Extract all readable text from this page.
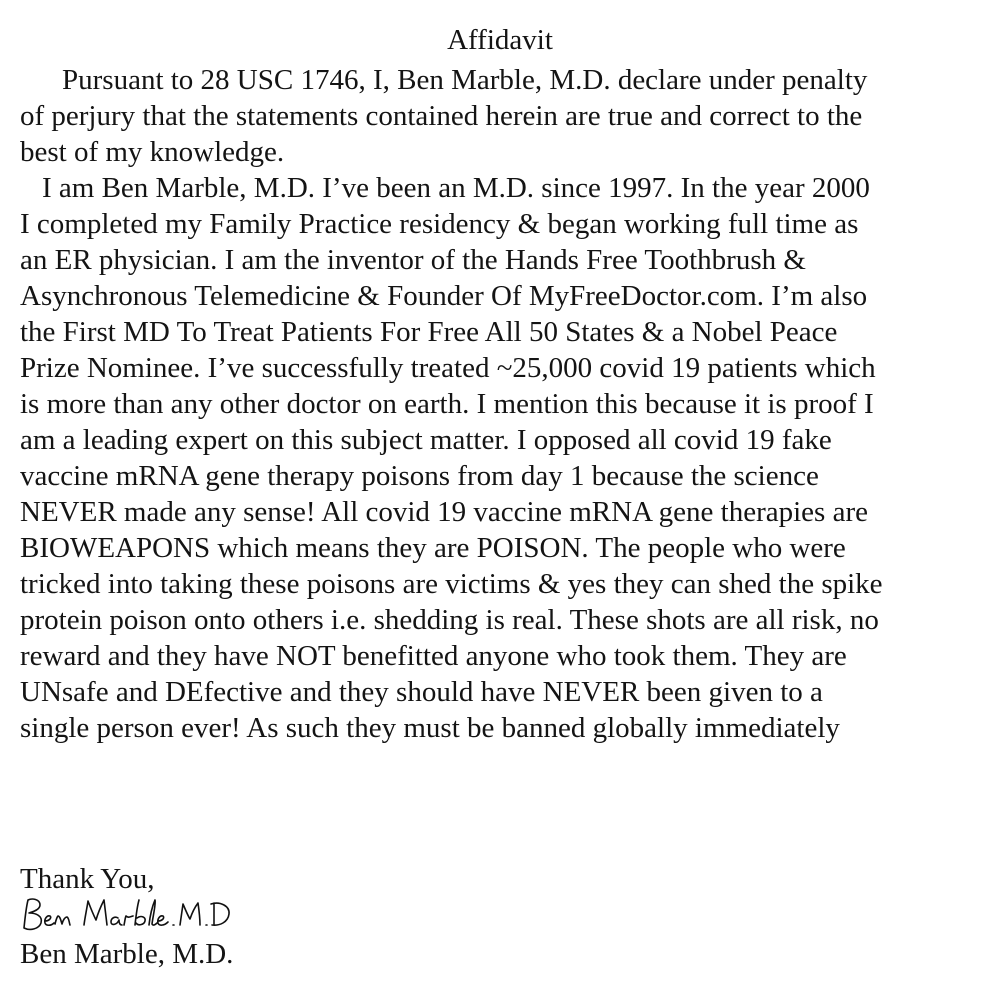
Affidavit

Pursuant to 28 USC 1746, I, Ben Marble, M.D. declare under penalty
of perjury that the statements contained herein are true and correct to the
best of my knowledge.

I am Ben Marble, M.D. I’ve been an M.D. since 1997. In the year 2000
I completed my Family Practice residency & began working full time as
an ER physician. I am the inventor of the Hands Free Toothbrush &
Asynchronous Telemedicine & Founder Of MyFreeDoctor.com. I’m also
the First MD To Treat Patients For Free All 50 States & a Nobel Peace
Prize Nominee. I’ve successfully treated ~25,000 covid 19 patients which
is more than any other doctor on earth. I mention this because it is proof I
am a leading expert on this subject matter. I opposed all covid 19 fake
vaccine mRNA gene therapy poisons from day 1 because the science
NEVER made any sense! All covid 19 vaccine mRNA gene therapies are
BIOWEAPONS which means they are POISON. The people who were
tricked into taking these poisons are victims & yes they can shed the spike
protein poison onto others i.e. shedding is real. These shots are all risk, no
reward and they have NOT benefitted anyone who took them. They are
UNsafe and DEfective and they should have NEVER been given to a
single person ever! As such they must be banned globally immediately

Thank You,

Ben Marble, M.D.
